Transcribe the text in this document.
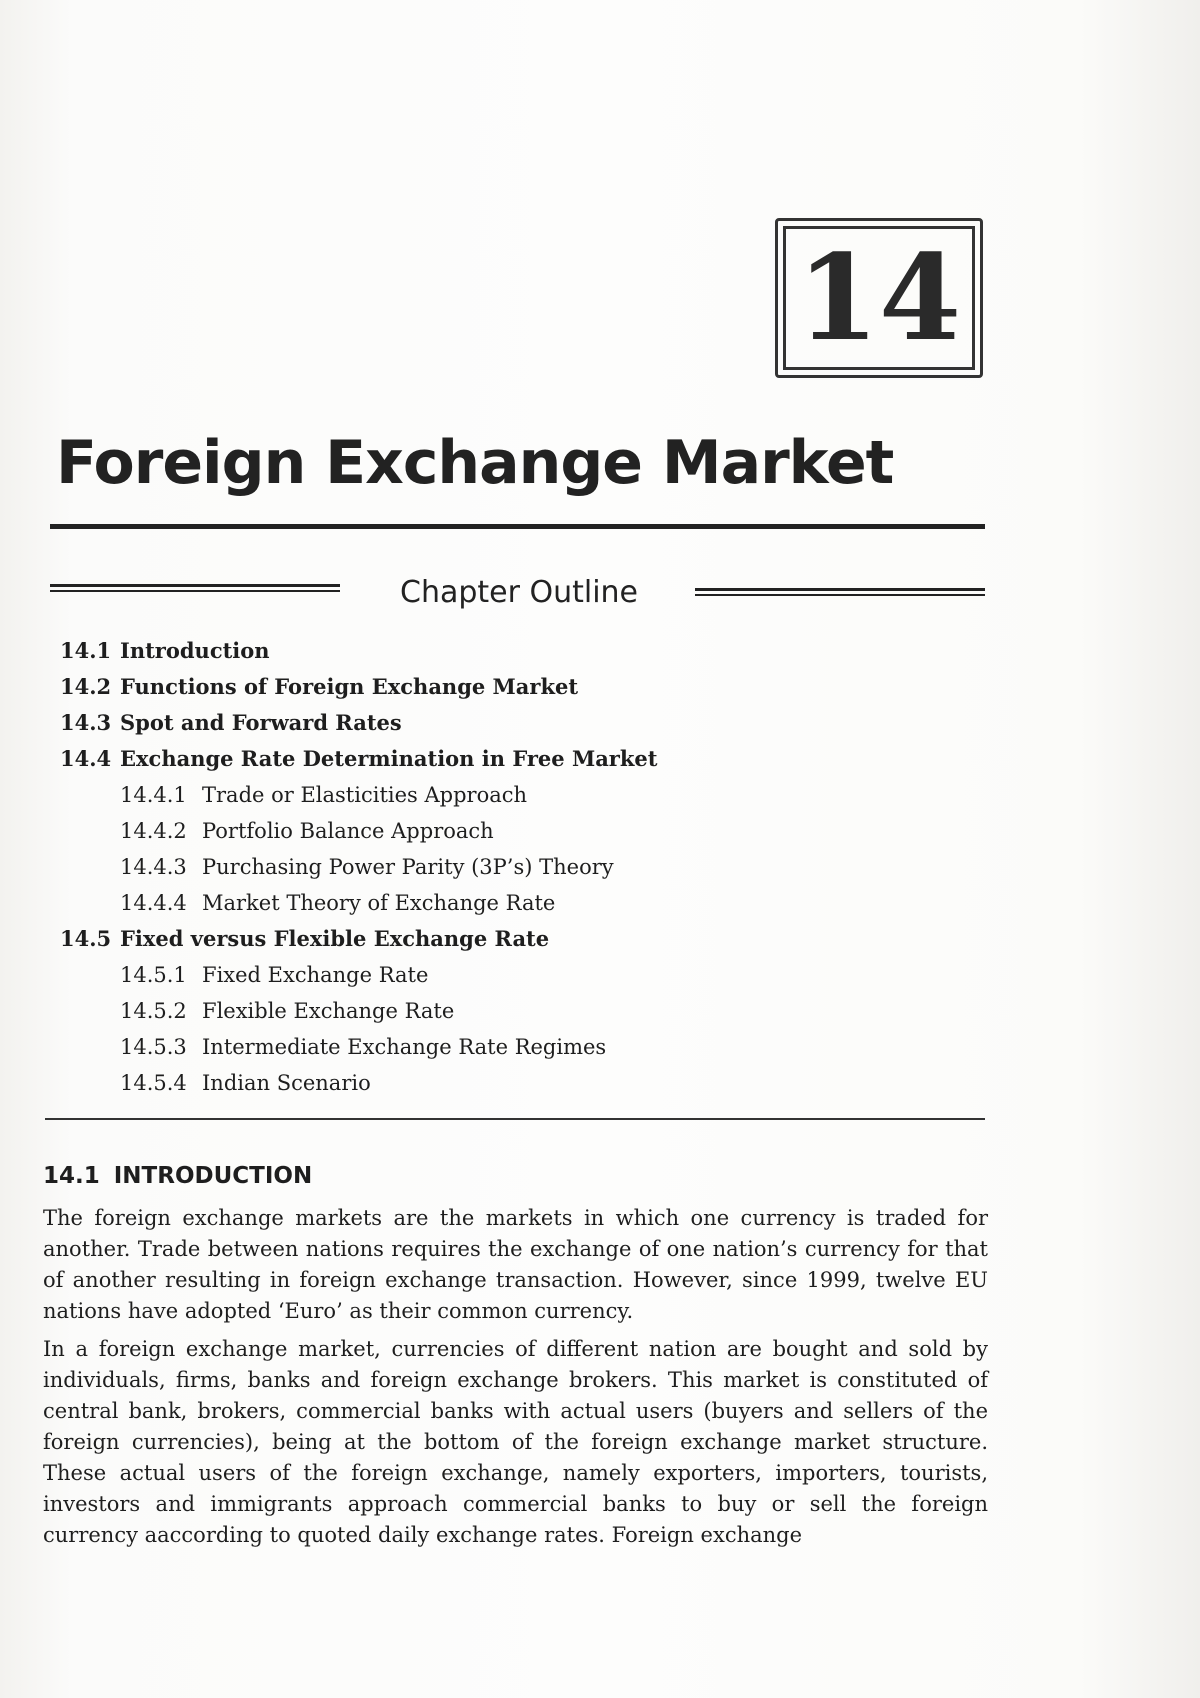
14
Foreign Exchange Market
Chapter Outline
14.1 Introduction
14.2 Functions of Foreign Exchange Market
14.3 Spot and Forward Rates
14.4 Exchange Rate Determination in Free Market
14.4.1 Trade or Elasticities Approach
14.4.2 Portfolio Balance Approach
14.4.3 Purchasing Power Parity (3P’s) Theory
14.4.4 Market Theory of Exchange Rate
14.5 Fixed versus Flexible Exchange Rate
14.5.1 Fixed Exchange Rate
14.5.2 Flexible Exchange Rate
14.5.3 Intermediate Exchange Rate Regimes
14.5.4 Indian Scenario
14.1 INTRODUCTION

The foreign exchange markets are the markets in which one currency is traded for another. Trade between nations requires the exchange of one nation’s currency for that of another resulting in foreign exchange transaction. However, since 1999, twelve EU nations have adopted ‘Euro’ as their common currency.

In a foreign exchange market, currencies of different nation are bought and sold by individuals, firms, banks and foreign exchange brokers. This market is constituted of central bank, brokers, commercial banks with actual users (buyers and sellers of the foreign currencies), being at the bottom of the foreign exchange market structure. These actual users of the foreign exchange, namely exporters, importers, tourists, investors and immigrants approach commercial banks to buy or sell the foreign currency aaccording to quoted daily exchange rates. Foreign exchange
